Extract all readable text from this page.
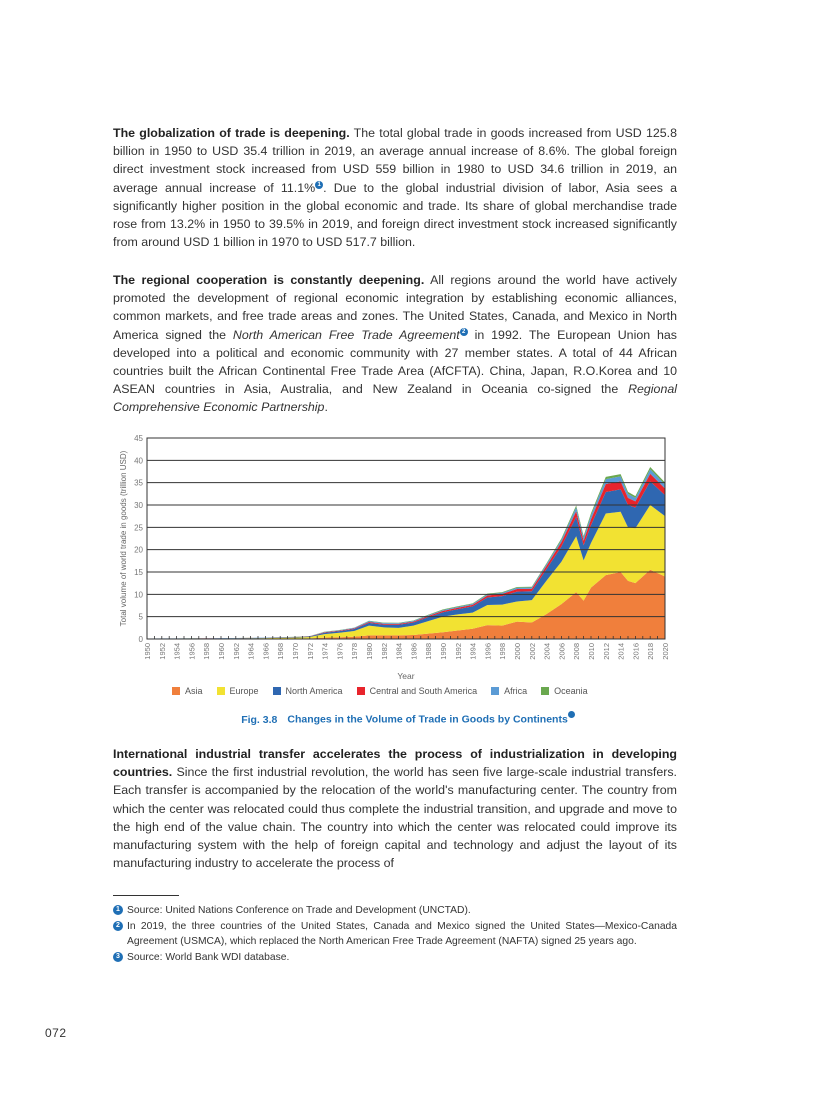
The globalization of trade is deepening. The total global trade in goods increased from USD 125.8 billion in 1950 to USD 35.4 trillion in 2019, an average annual increase of 8.6%. The global foreign direct investment stock increased from USD 559 billion in 1980 to USD 34.6 trillion in 2019, an average annual increase of 11.1% 1 . Due to the global industrial division of labor, Asia sees a significantly higher position in the global economic and trade. Its share of global merchandise trade rose from 13.2% in 1950 to 39.5% in 2019, and foreign direct investment stock increased significantly from around USD 1 billion in 1970 to USD 517.7 billion.
The regional cooperation is constantly deepening. All regions around the world have actively promoted the development of regional economic integration by establishing economic alliances, common markets, and free trade areas and zones. The United States, Canada, and Mexico in North America signed the North American Free Trade Agreement 2 in 1992. The European Union has developed into a political and economic community with 27 member states. A total of 44 African countries built the African Continental Free Trade Area (AfCFTA). China, Japan, R.O.Korea and 10 ASEAN countries in Asia, Australia, and New Zealand in Oceania co-signed the Regional Comprehensive Economic Partnership.
0
5
10
15
20
25
30
35
40
45
1950 1952 1954 1956 1958 1960 1962 1964 1966 1968 1970 1972 1974 1976 1978 1980 1982 1984 1986 1988 1990 1992 1994 1996 1998 2000 2002 2004 2006 2008 2010 2012 2014 2016 2018 2020
Year
Total volume of world trade in goods (trillion USD)
Asia	Europe	North America	Central and South America	Africa	Oceania
Fig. 3.8 Changes in the Volume of Trade in Goods by Continents
International industrial transfer accelerates the process of industrialization in developing countries. Since the first industrial revolution, the world has seen five large-scale industrial transfers. Each transfer is accompanied by the relocation of the world's manufacturing center. The country from which the center was relocated could thus complete the industrial transition, and upgrade and move to the high end of the value chain. The country into which the center was relocated could improve its manufacturing system with the help of foreign capital and technology and adjust the layout of its manufacturing industry to accelerate the process of
1 Source: United Nations Conference on Trade and Development (UNCTAD).
2 In 2019, the three countries of the United States, Canada and Mexico signed the United States—Mexico-Canada Agreement (USMCA), which replaced the North American Free Trade Agreement (NAFTA) signed 25 years ago.
3 Source: World Bank WDI database.
072
